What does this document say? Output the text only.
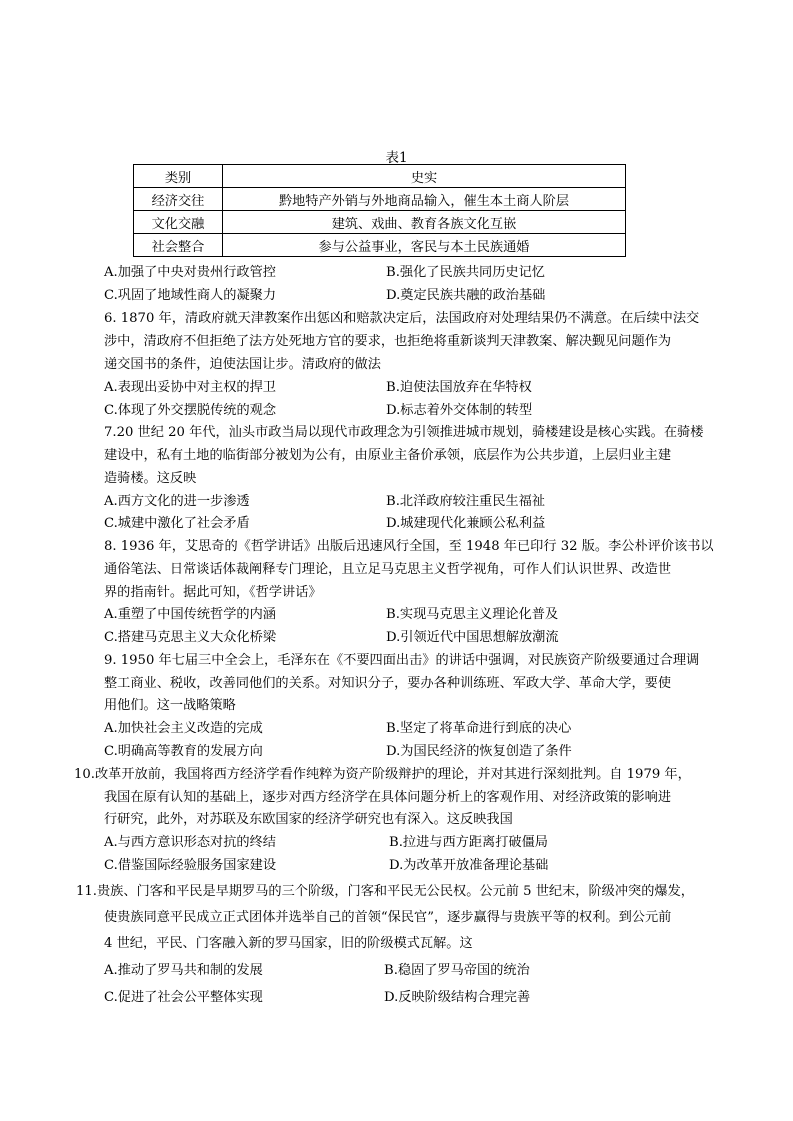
表1
类别	史实
经济交往	黔地特产外销与外地商品输入，催生本土商人阶层
文化交融	建筑、戏曲、教育各族文化互嵌
社会整合	参与公益事业，客民与本土民族通婚
A.加强了中央对贵州行政管控	B.强化了民族共同历史记忆
C.巩固了地域性商人的凝聚力	D.奠定民族共融的政治基础
6. 1870 年，清政府就天津教案作出惩凶和赔款决定后，法国政府对处理结果仍不满意。在后续中法交
涉中，清政府不但拒绝了法方处死地方官的要求，也拒绝将重新谈判天津教案、解决觐见问题作为
递交国书的条件，迫使法国让步。清政府的做法
A.表现出妥协中对主权的捍卫	B.迫使法国放弃在华特权
C.体现了外交摆脱传统的观念	D.标志着外交体制的转型
7.20 世纪 20 年代，汕头市政当局以现代市政理念为引领推进城市规划，骑楼建设是核心实践。在骑楼
建设中，私有土地的临街部分被划为公有，由原业主备价承领，底层作为公共步道，上层归业主建
造骑楼。这反映
A.西方文化的进一步渗透	B.北洋政府较注重民生福祉
C.城建中激化了社会矛盾	D.城建现代化兼顾公私利益
8. 1936 年，艾思奇的《哲学讲话》出版后迅速风行全国，至 1948 年已印行 32 版。李公朴评价该书以
通俗笔法、日常谈话体裁阐释专门理论，且立足马克思主义哲学视角，可作人们认识世界、改造世
界的指南针。据此可知，《哲学讲话》
A.重塑了中国传统哲学的内涵	B.实现马克思主义理论化普及
C.搭建马克思主义大众化桥梁	D.引领近代中国思想解放潮流
9. 1950 年七届三中全会上，毛泽东在《不要四面出击》的讲话中强调，对民族资产阶级要通过合理调
整工商业、税收，改善同他们的关系。对知识分子，要办各种训练班、军政大学、革命大学，要使
用他们。这一战略策略
A.加快社会主义改造的完成	B.坚定了将革命进行到底的决心
C.明确高等教育的发展方向	D.为国民经济的恢复创造了条件
10.改革开放前，我国将西方经济学看作纯粹为资产阶级辩护的理论，并对其进行深刻批判。自 1979 年，
我国在原有认知的基础上，逐步对西方经济学在具体问题分析上的客观作用、对经济政策的影响进
行研究，此外，对苏联及东欧国家的经济学研究也有深入。这反映我国
A.与西方意识形态对抗的终结	B.拉进与西方距离打破僵局
C.借鉴国际经验服务国家建设	D.为改革开放准备理论基础
11.贵族、门客和平民是早期罗马的三个阶级，门客和平民无公民权。公元前 5 世纪末，阶级冲突的爆发，
使贵族同意平民成立正式团体并选举自己的首领“保民官”，逐步赢得与贵族平等的权利。到公元前
4 世纪，平民、门客融入新的罗马国家，旧的阶级模式瓦解。这
A.推动了罗马共和制的发展	B.稳固了罗马帝国的统治
C.促进了社会公平整体实现	D.反映阶级结构合理完善
